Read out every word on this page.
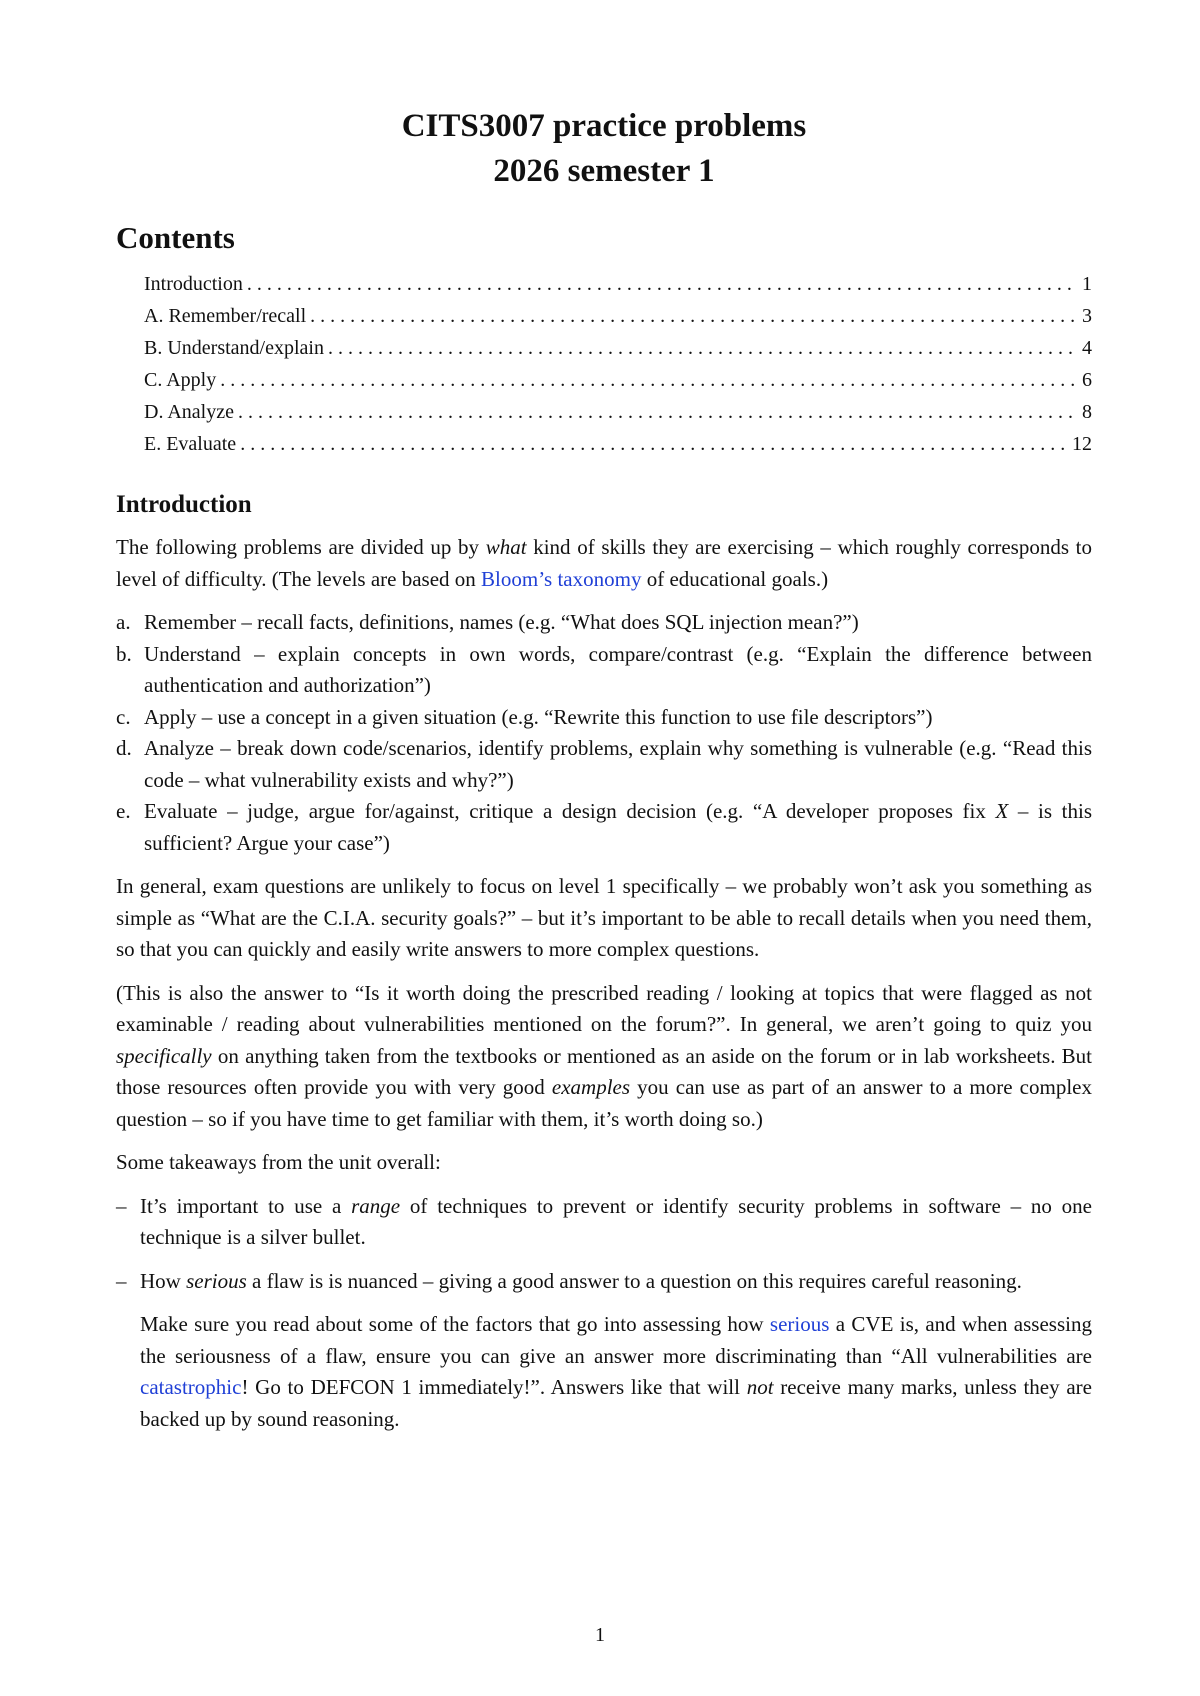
CITS3007 practice problems
2026 semester 1
Contents
Introduction . . .	1
A. Remember/recall . . .	3
B. Understand/explain . . .	4
C. Apply . . .	6
D. Analyze . . .	8
E. Evaluate . . .	12
Introduction

The following problems are divided up by what kind of skills they are exercising – which roughly corresponds to level of difficulty. (The levels are based on Bloom’s taxonomy of educational goals.)

a. Remember – recall facts, definitions, names (e.g. “What does SQL injection mean?”)
b. Understand – explain concepts in own words, compare/contrast (e.g. “Explain the difference between authentication and authorization”)
c. Apply – use a concept in a given situation (e.g. “Rewrite this function to use file descriptors”)
d. Analyze – break down code/scenarios, identify problems, explain why something is vulnerable (e.g. “Read this code – what vulnerability exists and why?”)
e. Evaluate – judge, argue for/against, critique a design decision (e.g. “A developer proposes fix X – is this sufficient? Argue your case”)

In general, exam questions are unlikely to focus on level 1 specifically – we probably won’t ask you something as simple as “What are the C.I.A. security goals?” – but it’s important to be able to recall details when you need them, so that you can quickly and easily write answers to more complex questions.

(This is also the answer to “Is it worth doing the prescribed reading / looking at topics that were flagged as not examinable / reading about vulnerabilities mentioned on the forum?”. In general, we aren’t going to quiz you specifically on anything taken from the textbooks or mentioned as an aside on the forum or in lab worksheets. But those resources often provide you with very good examples you can use as part of an answer to a more complex question – so if you have time to get familiar with them, it’s worth doing so.)

Some takeaways from the unit overall:

– It’s important to use a range of techniques to prevent or identify security problems in software – no one technique is a silver bullet.
– How serious a flaw is is nuanced – giving a good answer to a question on this requires careful reasoning.

Make sure you read about some of the factors that go into assessing how serious a CVE is, and when assessing the seriousness of a flaw, ensure you can give an answer more discriminating than “All vulnerabilities are catastrophic! Go to DEFCON 1 immediately!”. Answers like that will not receive many marks, unless they are backed up by sound reasoning.

1
